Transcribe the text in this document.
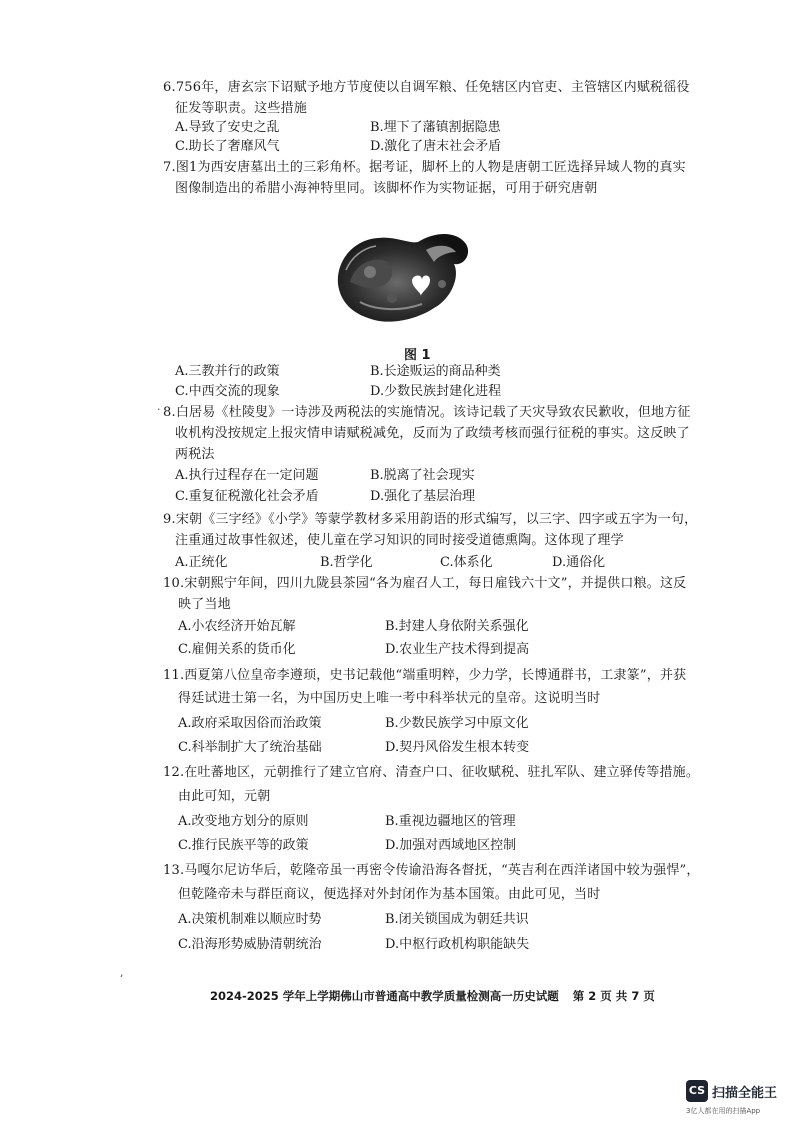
6.756年，唐玄宗下诏赋予地方节度使以自调军粮、任免辖区内官吏、主管辖区内赋税徭役
征发等职责。这些措施
A.导致了安史之乱	B.埋下了藩镇割据隐患
C.助长了奢靡风气	D.激化了唐末社会矛盾
7.图1为西安唐墓出土的三彩角杯。据考证，脚杯上的人物是唐朝工匠选择异域人物的真实
图像制造出的希腊小海神特里同。该脚杯作为实物证据，可用于研究唐朝
图 1
A.三教并行的政策	B.长途贩运的商品种类
C.中西交流的现象	D.少数民族封建化进程
· 8.白居易《杜陵叟》一诗涉及两税法的实施情况。该诗记载了天灾导致农民歉收，但地方征
收机构没按规定上报灾情申请赋税减免，反而为了政绩考核而强行征税的事实。这反映了
两税法
A.执行过程存在一定问题	B.脱离了社会现实
C.重复征税激化社会矛盾	D.强化了基层治理
9.宋朝《三字经》《小学》等蒙学教材多采用韵语的形式编写，以三字、四字或五字为一句，
注重通过故事性叙述，使儿童在学习知识的同时接受道德熏陶。这体现了理学
A.正统化	B.哲学化	C.体系化	D.通俗化
10.宋朝熙宁年间，四川九陇县茶园“各为雇召人工，每日雇钱六十文”，并提供口粮。这反
映了当地
A.小农经济开始瓦解	B.封建人身依附关系强化
C.雇佣关系的货币化	D.农业生产技术得到提高
11.西夏第八位皇帝李遵顼，史书记载他“端重明粹，少力学，长博通群书，工隶篆”，并获
得廷试进士第一名，为中国历史上唯一考中科举状元的皇帝。这说明当时
A.政府采取因俗而治政策	B.少数民族学习中原文化
C.科举制扩大了统治基础	D.契丹风俗发生根本转变
12.在吐蕃地区，元朝推行了建立官府、清查户口、征收赋税、驻扎军队、建立驿传等措施。
由此可知，元朝
A.改变地方划分的原则	B.重视边疆地区的管理
C.推行民族平等的政策	D.加强对西域地区控制
13.马嘎尔尼访华后，乾隆帝虽一再密令传谕沿海各督抚，“英吉利在西洋诸国中较为强悍”，
但乾隆帝未与群臣商议，便选择对外封闭作为基本国策。由此可见，当时
A.决策机制难以顺应时势	B.闭关锁国成为朝廷共识
C.沿海形势威胁清朝统治	D.中枢行政机构职能缺失
,
2024-2025 学年上学期佛山市普通高中教学质量检测高一历史试题 第 2 页 共 7 页
CS 扫描全能王
3亿人都在用的扫描App
